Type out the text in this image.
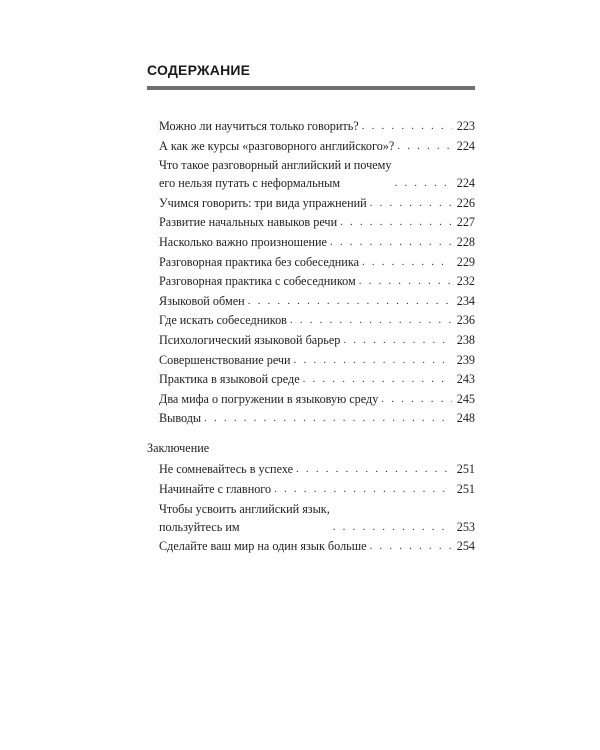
СОДЕРЖАНИЕ
Можно ли научиться только говорить? . . .	223
А как же курсы «разговорного английского»? . . .	224
Что такое разговорный английский и почему
его нельзя путать с неформальным . . .	224
Учимся говорить: три вида упражнений . . .	226
Развитие начальных навыков речи . . .	227
Насколько важно произношение . . .	228
Разговорная практика без собеседника . . .	229
Разговорная практика с собеседником . . .	232
Языковой обмен . . .	234
Где искать собеседников . . .	236
Психологический языковой барьер . . .	238
Совершенствование речи . . .	239
Практика в языковой среде . . .	243
Два мифа о погружении в языковую среду . . .	245
Выводы . . .	248
Заключение
Не сомневайтесь в успехе . . .	251
Начинайте с главного . . .	251
Чтобы усвоить английский язык,
пользуйтесь им . . .	253
Сделайте ваш мир на один язык больше . . .	254
